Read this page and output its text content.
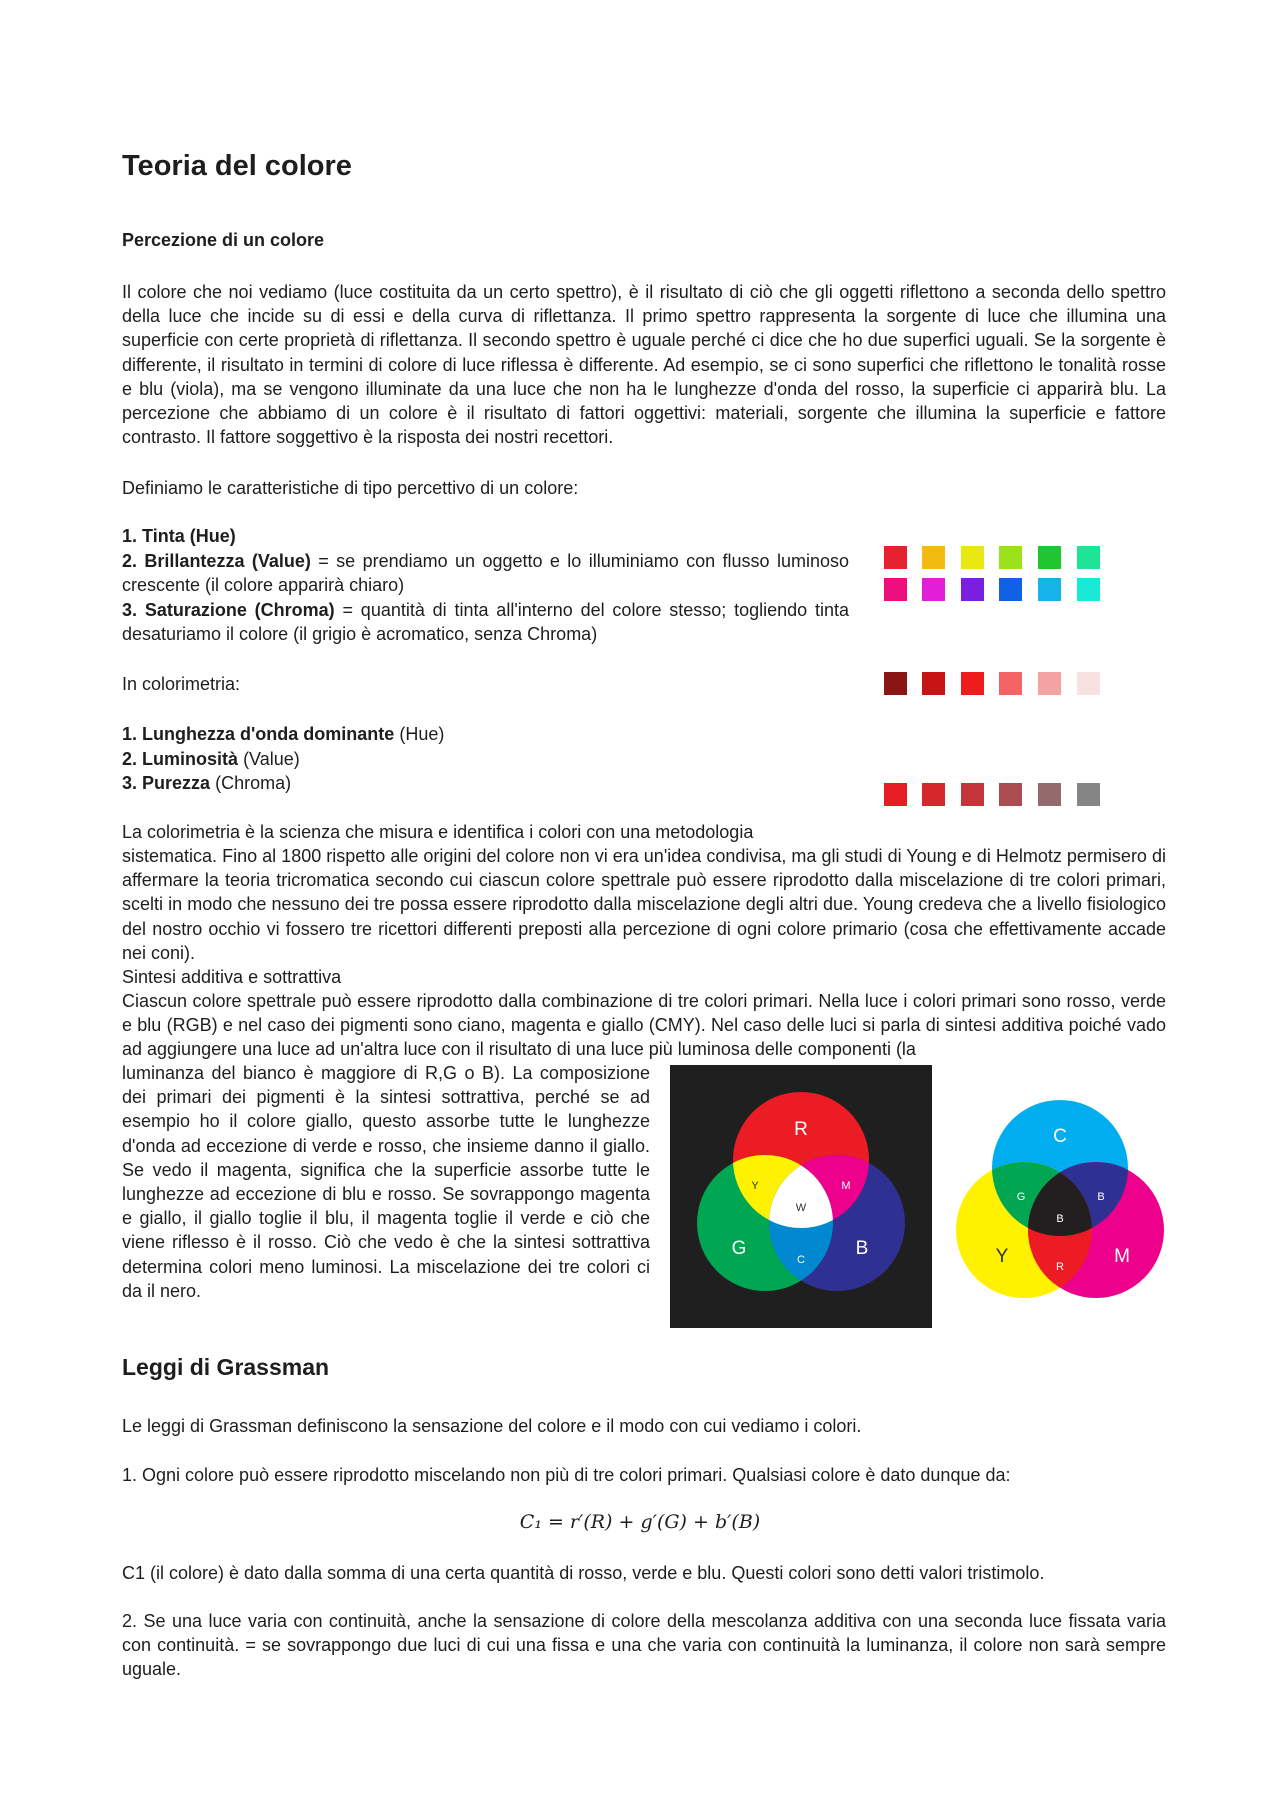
Teoria del colore
Percezione di un colore

Il colore che noi vediamo (luce costituita da un certo spettro), è il risultato di ciò che gli oggetti riflettono a seconda dello spettro della luce che incide su di essi e della curva di riflettanza. Il primo spettro rappresenta la sorgente di luce che illumina una superficie con certe proprietà di riflettanza. Il secondo spettro è uguale perché ci dice che ho due superfici uguali. Se la sorgente è differente, il risultato in termini di colore di luce riflessa è differente. Ad esempio, se ci sono superfici che riflettono le tonalità rosse e blu (viola), ma se vengono illuminate da una luce che non ha le lunghezze d'onda del rosso, la superficie ci apparirà blu. La percezione che abbiamo di un colore è il risultato di fattori oggettivi: materiali, sorgente che illumina la superficie e fattore contrasto. Il fattore soggettivo è la risposta dei nostri recettori.

Definiamo le caratteristiche di tipo percettivo di un colore:

1. Tinta (Hue)
2. Brillantezza (Value) = se prendiamo un oggetto e lo illuminiamo con flusso luminoso crescente (il colore apparirà chiaro)
3. Saturazione (Chroma) = quantità di tinta all'interno del colore stesso; togliendo tinta desaturiamo il colore (il grigio è acromatico, senza Chroma)

In colorimetria:

1. Lunghezza d'onda dominante (Hue)
2. Luminosità (Value)
3. Purezza (Chroma)

La colorimetria è la scienza che misura e identifica i colori con una metodologia

sistematica. Fino al 1800 rispetto alle origini del colore non vi era un'idea condivisa, ma gli studi di Young e di Helmotz permisero di affermare la teoria tricromatica secondo cui ciascun colore spettrale può essere riprodotto dalla miscelazione di tre colori primari, scelti in modo che nessuno dei tre possa essere riprodotto dalla miscelazione degli altri due. Young credeva che a livello fisiologico del nostro occhio vi fossero tre ricettori differenti preposti alla percezione di ogni colore primario (cosa che effettivamente accade nei coni).

Sintesi additiva e sottrattiva

Ciascun colore spettrale può essere riprodotto dalla combinazione di tre colori primari. Nella luce i colori primari sono rosso, verde e blu (RGB) e nel caso dei pigmenti sono ciano, magenta e giallo (CMY). Nel caso delle luci si parla di sintesi additiva poiché vado ad aggiungere una luce ad un'altra luce con il risultato di una luce più luminosa delle componenti (la

luminanza del bianco è maggiore di R,G o B). La composizione dei primari dei pigmenti è la sintesi sottrattiva, perché se ad esempio ho il colore giallo, questo assorbe tutte le lunghezze d'onda ad eccezione di verde e rosso, che insieme danno il giallo. Se vedo il magenta, significa che la superficie assorbe tutte le lunghezze ad eccezione di blu e rosso. Se sovrappongo magenta e giallo, il giallo toglie il blu, il magenta toglie il verde e ciò che viene riflesso è il rosso. Ciò che vedo è che la sintesi sottrattiva determina colori meno luminosi. La miscelazione dei tre colori ci da il nero.

R
G	B
Y	M
C
W
C
Y	M
G	B
R
B
Leggi di Grassman

Le leggi di Grassman definiscono la sensazione del colore e il modo con cui vediamo i colori.

1. Ogni colore può essere riprodotto miscelando non più di tre colori primari. Qualsiasi colore è dato dunque da:

C₁ = r′(R) + g′(G) + b′(B)

C1 (il colore) è dato dalla somma di una certa quantità di rosso, verde e blu. Questi colori sono detti valori tristimolo.

2. Se una luce varia con continuità, anche la sensazione di colore della mescolanza additiva con una seconda luce fissata varia con continuità. = se sovrappongo due luci di cui una fissa e una che varia con continuità la luminanza, il colore non sarà sempre uguale.
